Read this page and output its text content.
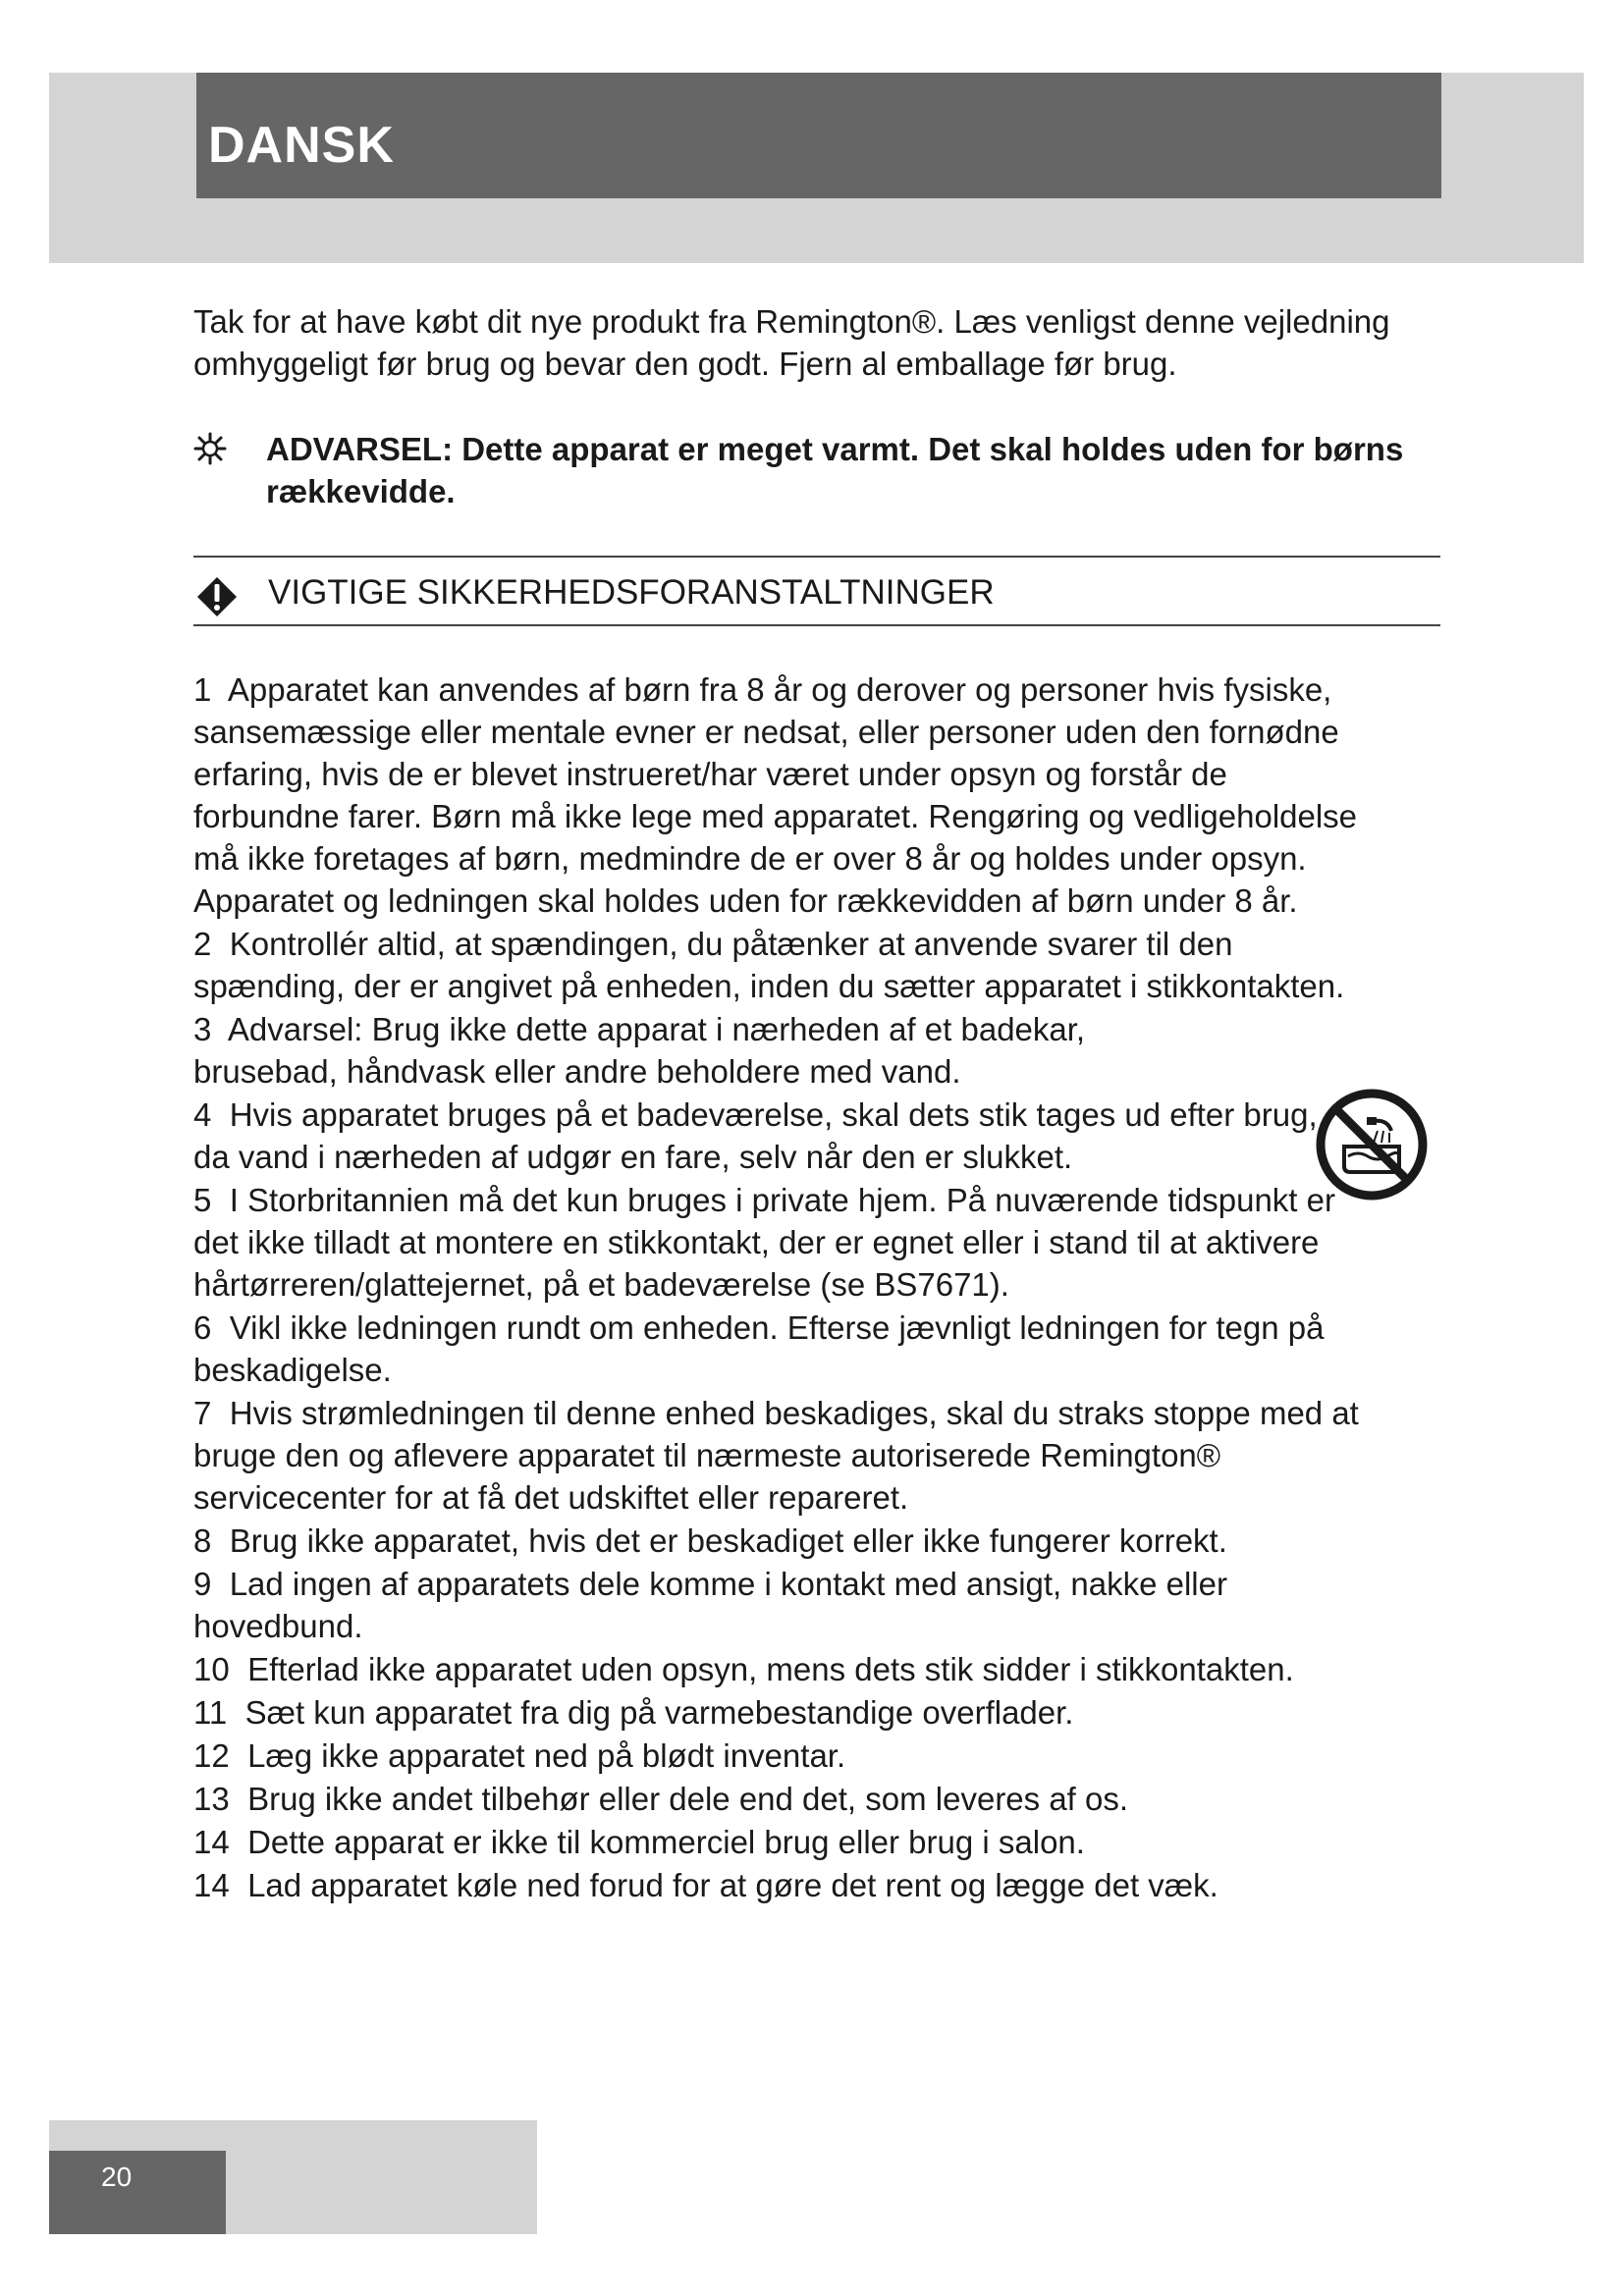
DANSK

Tak for at have købt dit nye produkt fra Remington®. Læs venligst denne vejledning omhyggeligt før brug og bevar den godt. Fjern al emballage før brug.

ADVARSEL: Dette apparat er meget varmt. Det skal holdes uden for børns rækkevidde.

VIGTIGE SIKKERHEDSFORANSTALTNINGER
1 Apparatet kan anvendes af børn fra 8 år og derover og personer hvis fysiske, sansemæssige eller mentale evner er nedsat, eller personer uden den fornødne erfaring, hvis de er blevet instrueret/har været under opsyn og forstår de forbundne farer. Børn må ikke lege med apparatet. Rengøring og vedligeholdelse må ikke foretages af børn, medmindre de er over 8 år og holdes under opsyn. Apparatet og ledningen skal holdes uden for rækkevidden af børn under 8 år.
2 Kontrollér altid, at spændingen, du påtænker at anvende svarer til den spænding, der er angivet på enheden, inden du sætter apparatet i stikkontakten.
3 Advarsel: Brug ikke dette apparat i nærheden af et badekar, brusebad, håndvask eller andre beholdere med vand.
4 Hvis apparatet bruges på et badeværelse, skal dets stik tages ud efter brug, da vand i nærheden af udgør en fare, selv når den er slukket.
5 I Storbritannien må det kun bruges i private hjem. På nuværende tidspunkt er det ikke tilladt at montere en stikkontakt, der er egnet eller i stand til at aktivere hårtørreren/glattejernet, på et badeværelse (se BS7671).
6 Vikl ikke ledningen rundt om enheden. Efterse jævnligt ledningen for tegn på beskadigelse.
7 Hvis strømledningen til denne enhed beskadiges, skal du straks stoppe med at bruge den og aflevere apparatet til nærmeste autoriserede Remington® servicecenter for at få det udskiftet eller repareret.
8 Brug ikke apparatet, hvis det er beskadiget eller ikke fungerer korrekt.
9 Lad ingen af apparatets dele komme i kontakt med ansigt, nakke eller hovedbund.
10 Efterlad ikke apparatet uden opsyn, mens dets stik sidder i stikkontakten.
11 Sæt kun apparatet fra dig på varmebestandige overflader.
12 Læg ikke apparatet ned på blødt inventar.
13 Brug ikke andet tilbehør eller dele end det, som leveres af os.
14 Dette apparat er ikke til kommerciel brug eller brug i salon.
14 Lad apparatet køle ned forud for at gøre det rent og lægge det væk.
20
